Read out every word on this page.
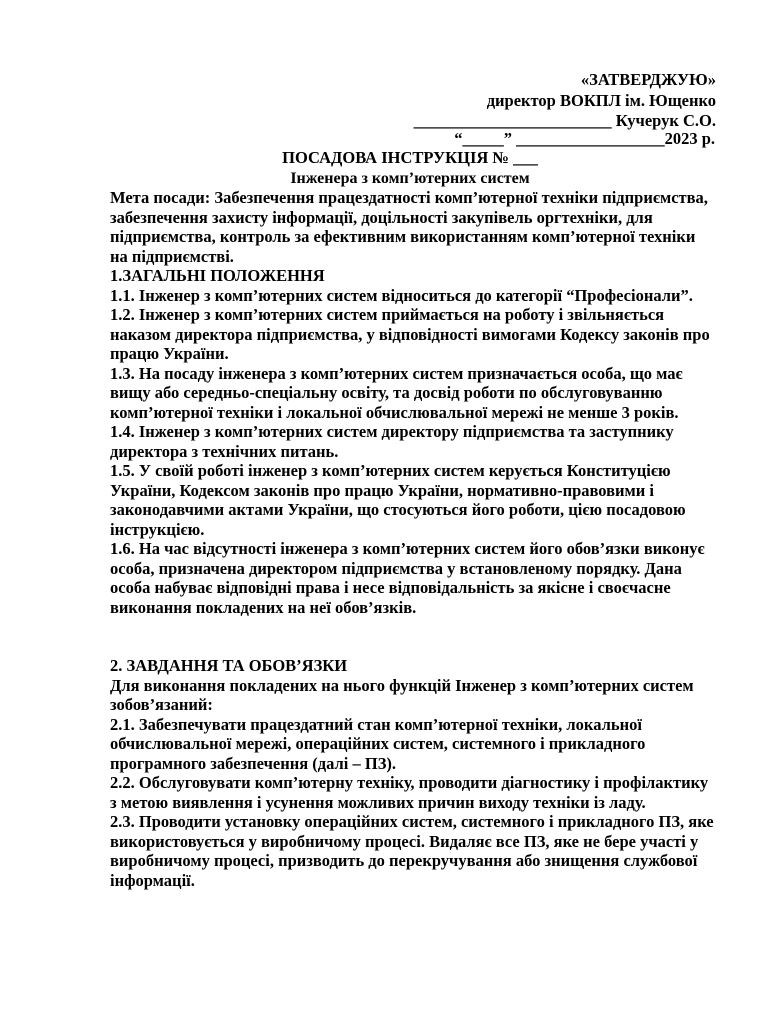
«ЗАТВЕРДЖУЮ»
директор ВОКПЛ ім. Ющенко
________________________ Кучерук С.О.
“_____” __________________2023 р.
ПОСАДОВА ІНСТРУКЦІЯ № ___
Інженера з комп’ютерних систем

Мета посади: Забезпечення працездатності комп’ютерної техніки підприємства, забезпечення захисту інформації, доцільності закупівель оргтехніки, для підприємства, контроль за ефективним використанням комп’ютерної техніки на підприємстві.

1.ЗАГАЛЬНІ ПОЛОЖЕННЯ

1.1. Інженер з комп’ютерних систем відноситься до категорії “Професіонали”.

1.2. Інженер з комп’ютерних систем приймається на роботу і звільняється наказом директора підприємства, у відповідності вимогами Кодексу законів про працю України.

1.3. На посаду інженера з комп’ютерних систем призначається особа, що має вищу або середньо-спеціальну освіту, та досвід роботи по обслуговуванню комп’ютерної техніки і локальної обчислювальної мережі не менше 3 років.

1.4. Інженер з комп’ютерних систем директору підприємства та заступнику директора з технічних питань.

1.5. У своїй роботі інженер з комп’ютерних систем керується Конституцією України, Кодексом законів про працю України, нормативно-правовими і законодавчими актами України, що стосуються його роботи, цією посадовою інструкцією.

1.6. На час відсутності інженера з комп’ютерних систем його обов’язки виконує особа, призначена директором підприємства у встановленому порядку. Дана особа набуває відповідні права і несе відповідальність за якісне і своєчасне виконання покладених на неї обов’язків.

2. ЗАВДАННЯ ТА ОБОВ’ЯЗКИ

Для виконання покладених на нього функцій Інженер з комп’ютерних систем зобов’язаний:

2.1. Забезпечувати працездатний стан комп’ютерної техніки, локальної обчислювальної мережі, операційних систем, системного і прикладного програмного забезпечення (далі – ПЗ).

2.2. Обслуговувати комп’ютерну техніку, проводити діагностику і профілактику з метою виявлення і усунення можливих причин виходу техніки із ладу.

2.3. Проводити установку операційних систем, системного і прикладного ПЗ, яке використовується у виробничому процесі. Видаляє все ПЗ, яке не бере участі у виробничому процесі, призводить до перекручування або знищення службової інформації.
